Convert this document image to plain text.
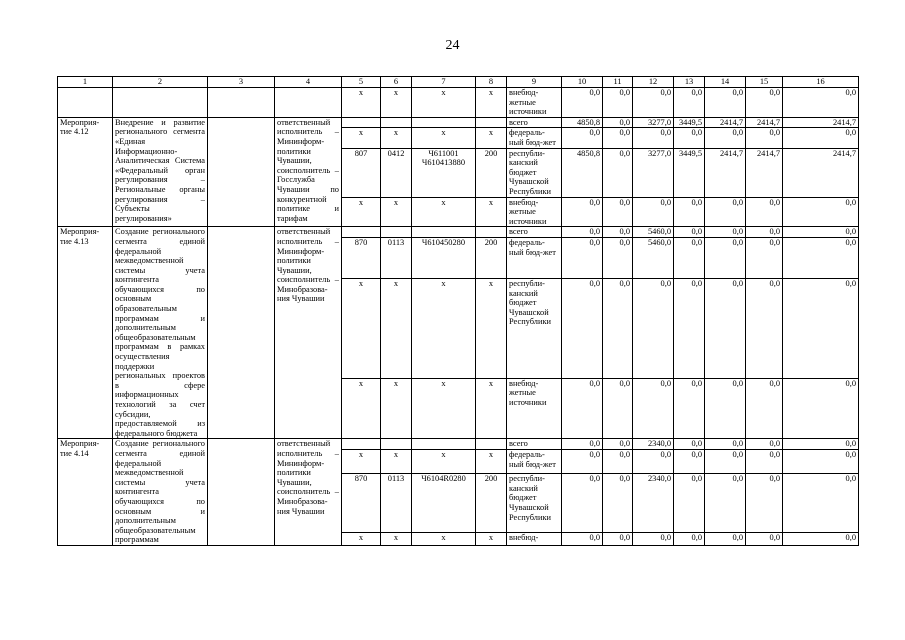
24
1	2	3	4	5	6	7	8	9	10	11	12	13	14	15	16
				х	х	х	х	внебюд-жетные источники	0,0	0,0	0,0	0,0	0,0	0,0	0,0
Мероприя-тие 4.12	Внедрение и развитие регионального сегмента «Единая Информационно-Аналитическая Система «Федеральный орган регулирования – Региональные органы регулирования – Субъекты регулирования»		ответственный исполнитель – Мининформ-политики Чувашии, соисполнитель – Госслужба Чувашии по конкурентной политике и тарифам					всего	4850,8	0,0	3277,0	3449,5	2414,7	2414,7	2414,7
				х	х	х	х	федераль-ный бюд-жет	0,0	0,0	0,0	0,0	0,0	0,0	0,0
				807	0412	Ч611001 Ч610413880	200	республи-канский бюджет Чувашской Республики	4850,8	0,0	3277,0	3449,5	2414,7	2414,7	2414,7
				х	х	х	х	внебюд-жетные источники	0,0	0,0	0,0	0,0	0,0	0,0	0,0
Мероприя-тие 4.13	Создание регионального сегмента единой федеральной межведомственной системы учета контингента обучающихся по основным образовательным программам и дополнительным общеобразовательным программам в рамках осуществления поддержки региональных проектов в сфере информационных технологий за счет субсидии, предоставляемой из федерального бюджета		ответственный исполнитель – Мининформ-политики Чувашии, соисполнитель – Минобразова-ния Чувашии					всего	0,0	0,0	5460,0	0,0	0,0	0,0	0,0
				870	0113	Ч610450280	200	федераль-ный бюд-жет	0,0	0,0	5460,0	0,0	0,0	0,0	0,0
				х	х	х	х	республи-канский бюджет Чувашской Республики	0,0	0,0	0,0	0,0	0,0	0,0	0,0
				х	х	х	х	внебюд-жетные источники	0,0	0,0	0,0	0,0	0,0	0,0	0,0
Мероприя-тие 4.14	Создание регионального сегмента единой федеральной межведомственной системы учета контингента обучающихся по основным и дополнительным общеобразовательным программам		ответственный исполнитель – Мининформ-политики Чувашии, соисполнитель – Минобразова-ния Чувашии					всего	0,0	0,0	2340,0	0,0	0,0	0,0	0,0
				х	х	х	х	федераль-ный бюд-жет	0,0	0,0	0,0	0,0	0,0	0,0	0,0
				870	0113	Ч6104R0280	200	республи-канский бюджет Чувашской Республики	0,0	0,0	2340,0	0,0	0,0	0,0	0,0
				х	х	х	х	внебюд-	0,0	0,0	0,0	0,0	0,0	0,0	0,0
